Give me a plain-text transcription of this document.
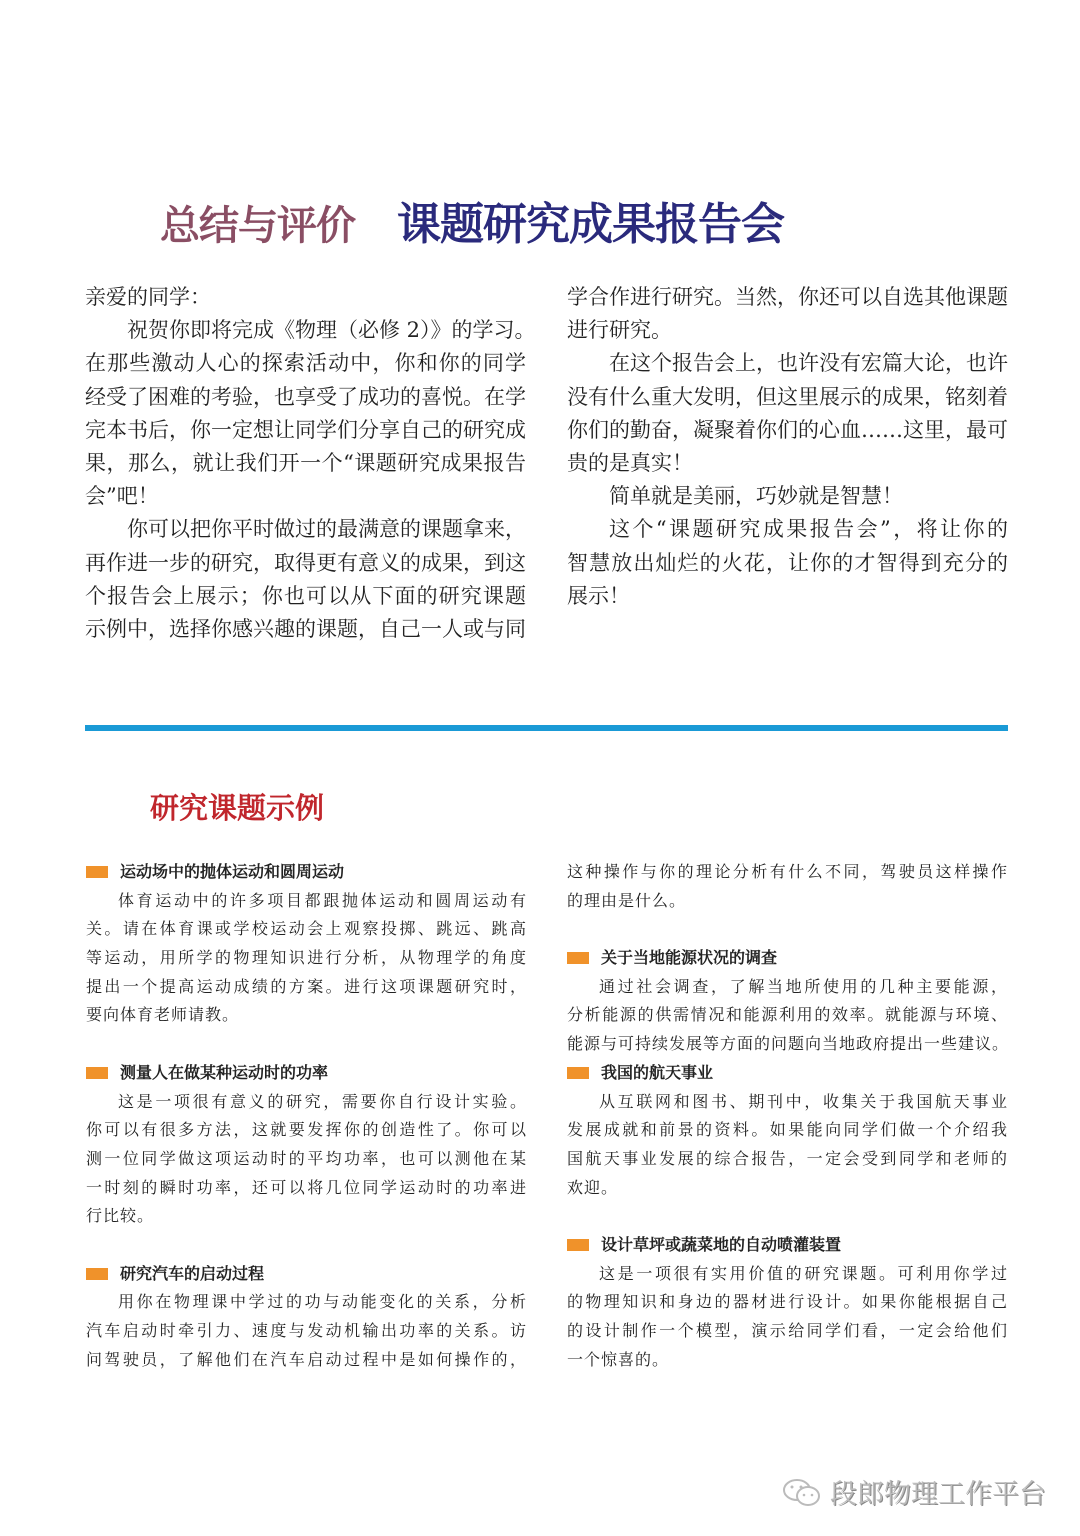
总结与评价 课题研究成果报告会
亲爱的同学：
祝贺你即将完成《物理（必修 2）》的学习。
在那些激动人心的探索活动中，你和你的同学
经受了困难的考验，也享受了成功的喜悦。在学
完本书后，你一定想让同学们分享自己的研究成
果，那么，就让我们开一个“课题研究成果报告
会”吧！
你可以把你平时做过的最满意的课题拿来，
再作进一步的研究，取得更有意义的成果，到这
个报告会上展示；你也可以从下面的研究课题
示例中，选择你感兴趣的课题，自己一人或与同
学合作进行研究。当然，你还可以自选其他课题
进行研究。
在这个报告会上，也许没有宏篇大论，也许
没有什么重大发明，但这里展示的成果，铭刻着
你们的勤奋，凝聚着你们的心血……这里，最可
贵的是真实！
简单就是美丽，巧妙就是智慧！
这个“课题研究成果报告会”，将让你的
智慧放出灿烂的火花，让你的才智得到充分的
展示！
研究课题示例
运动场中的抛体运动和圆周运动
体育运动中的许多项目都跟抛体运动和圆周运动有
关。请在体育课或学校运动会上观察投掷、跳远、跳高
等运动，用所学的物理知识进行分析，从物理学的角度
提出一个提高运动成绩的方案。进行这项课题研究时，
要向体育老师请教。
测量人在做某种运动时的功率
这是一项很有意义的研究，需要你自行设计实验。
你可以有很多方法，这就要发挥你的创造性了。你可以
测一位同学做这项运动时的平均功率，也可以测他在某
一时刻的瞬时功率，还可以将几位同学运动时的功率进
行比较。
研究汽车的启动过程
用你在物理课中学过的功与动能变化的关系，分析
汽车启动时牵引力、速度与发动机输出功率的关系。访
问驾驶员，了解他们在汽车启动过程中是如何操作的，
这种操作与你的理论分析有什么不同，驾驶员这样操作
的理由是什么。
关于当地能源状况的调查
通过社会调查，了解当地所使用的几种主要能源，
分析能源的供需情况和能源利用的效率。就能源与环境、
能源与可持续发展等方面的问题向当地政府提出一些建议。
我国的航天事业
从互联网和图书、期刊中，收集关于我国航天事业
发展成就和前景的资料。如果能向同学们做一个介绍我
国航天事业发展的综合报告，一定会受到同学和老师的
欢迎。
设计草坪或蔬菜地的自动喷灌装置
这是一项很有实用价值的研究课题。可利用你学过
的物理知识和身边的器材进行设计。如果你能根据自己
的设计制作一个模型，演示给同学们看，一定会给他们
一个惊喜的。
段郎物理工作平台
